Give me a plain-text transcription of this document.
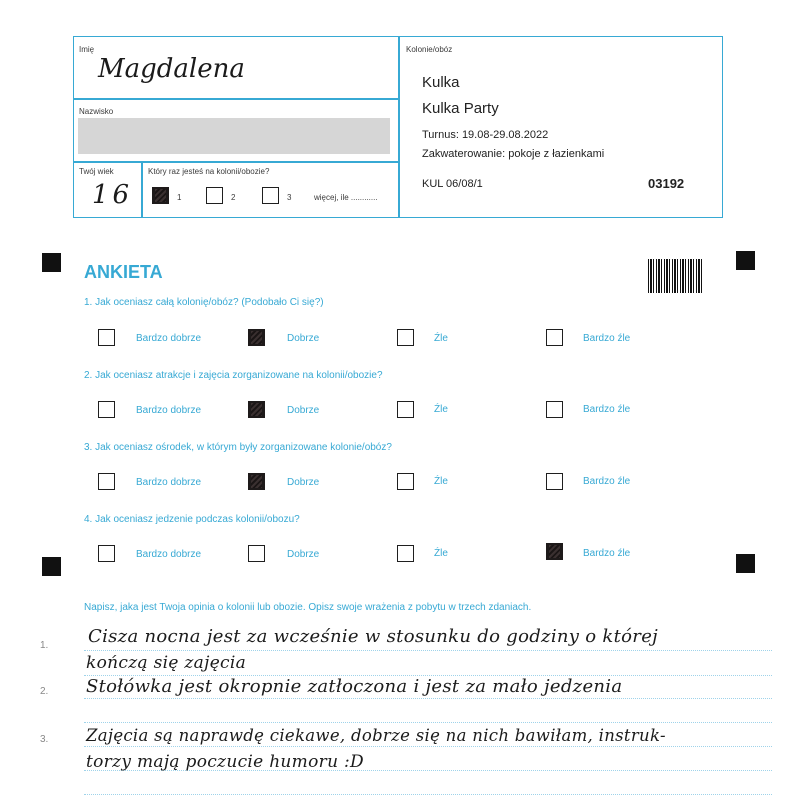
Imię
Magdalena
Nazwisko
Twój wiek
16
Który raz jesteś na kolonii/obozie?
1	2	3	więcej, ile ............
Kolonie/obóz
Kulka
Kulka Party
Turnus: 19.08-29.08.2022
Zakwaterowanie: pokoje z łazienkami
KUL 06/08/1	03192
ANKIETA
1. Jak oceniasz całą kolonię/obóz? (Podobało Ci się?)
Bardzo dobrze	Dobrze	Źle	Bardzo źle
2. Jak oceniasz atrakcje i zajęcia zorganizowane na kolonii/obozie?
Bardzo dobrze	Dobrze	Źle	Bardzo źle
3. Jak oceniasz ośrodek, w którym były zorganizowane kolonie/obóz?
Bardzo dobrze	Dobrze	Źle	Bardzo źle
4. Jak oceniasz jedzenie podczas kolonii/obozu?
Bardzo dobrze	Dobrze	Źle	Bardzo źle
Napisz, jaka jest Twoja opinia o kolonii lub obozie. Opisz swoje wrażenia z pobytu w trzech zdaniach.
1.
2.
3.
Cisza nocna jest za wcześnie w stosunku do godziny o której
kończą się zajęcia
Stołówka jest okropnie zatłoczona i jest za mało jedzenia
Zajęcia są naprawdę ciekawe, dobrze się na nich bawiłam, instruk-
torzy mają poczucie humoru :D
